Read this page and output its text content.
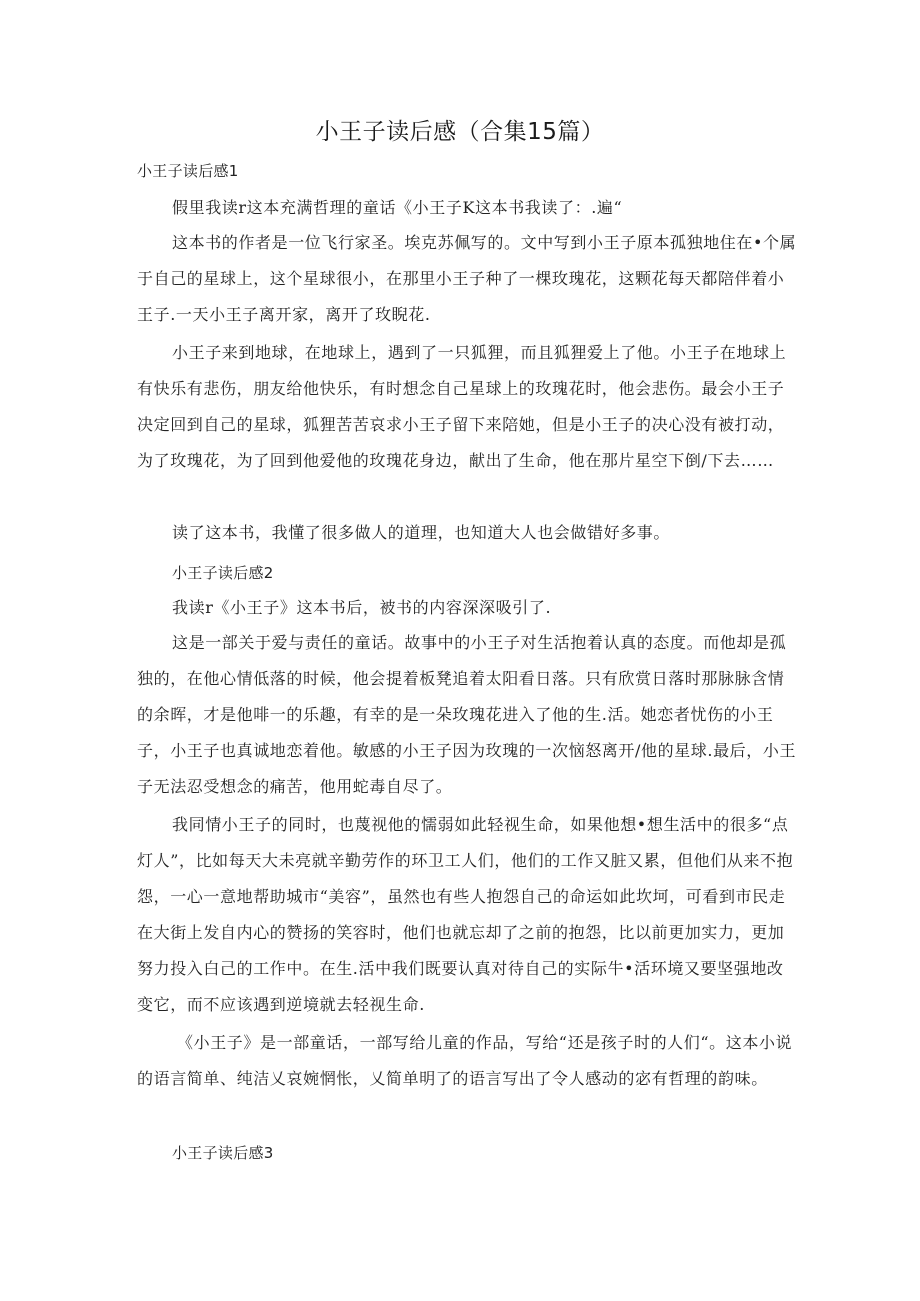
小王子读后感（合集15篇）

小王子读后感1

假里我读r这本充满哲理的童话《小王子K这本书我读了：.遍“

这本书的作者是一位飞行家圣。埃克苏佩写的。文中写到小王子原本孤独地住在•个属于自己的星球上，这个星球很小，在那里小王子种了一棵玫瑰花，这颗花每天都陪伴着小王子.一天小王子离开家，离开了玫睨花.

小王子来到地球，在地球上，遇到了一只狐狸，而且狐狸爱上了他。小王子在地球上有快乐有悲伤，朋友给他快乐，有时想念自己星球上的玫瑰花时，他会悲伤。最会小王子决定回到自己的星球，狐狸苦苦哀求小王子留下来陪她，但是小王子的决心没有被打动，为了玫瑰花，为了回到他爱他的玫瑰花身边，献出了生命，他在那片星空下倒/下去……

读了这本书，我懂了很多做人的道理，也知道大人也会做错好多事。

小王子读后感2

我读r《小王子》这本书后，被书的内容深深吸引了.

这是一部关于爱与责任的童话。故事中的小王子对生活抱着认真的态度。而他却是孤独的，在他心情低落的时候，他会提着板凳追着太阳看日落。只有欣赏日落时那脉脉含情的余晖，才是他啡一的乐趣，有幸的是一朵玫瑰花进入了他的生.活。她恋者忧伤的小王子，小王子也真诚地恋着他。敏感的小王子因为玫瑰的一次恼怒离开/他的星球.最后，小王子无法忍受想念的痛苦，他用蛇毒自尽了。

我同情小王子的同时，也蔑视他的懦弱如此轻视生命，如果他想•想生活中的很多“点灯人”，比如每天大未亮就辛勤劳作的环卫工人们，他们的工作又脏又累，但他们从来不抱怨，一心一意地帮助城市“美容”，虽然也有些人抱怨自己的命运如此坎坷，可看到市民走在大街上发自内心的赞扬的笑容时，他们也就忘却了之前的抱怨，比以前更加实力，更加努力投入白己的工作中。在生.活中我们既要认真对待自己的实际牛•活环境又要坚强地改变它，而不应该遇到逆境就去轻视生命.

《小王子》是一部童话，一部写给儿童的作品，写给“还是孩子时的人们“。这本小说的语言简单、纯洁乂哀婉惘怅，乂简单明了的语言写出了令人感动的宓有哲理的韵味。

小王子读后感3
